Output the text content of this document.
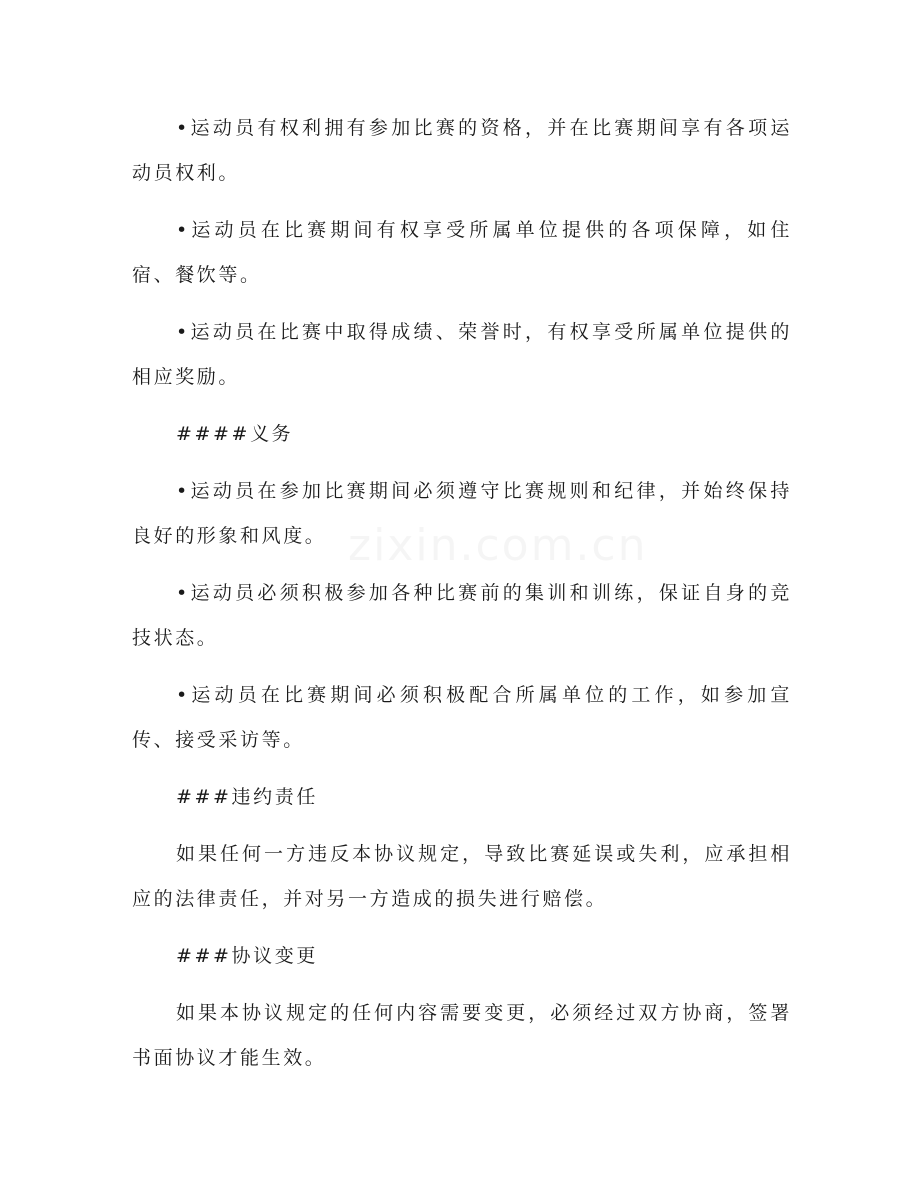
•运动员有权利拥有参加比赛的资格，并在比赛期间享有各项运动员权利。

•运动员在比赛期间有权享受所属单位提供的各项保障，如住宿、餐饮等。

•运动员在比赛中取得成绩、荣誉时，有权享受所属单位提供的相应奖励。

####义务

•运动员在参加比赛期间必须遵守比赛规则和纪律，并始终保持良好的形象和风度。

•运动员必须积极参加各种比赛前的集训和训练，保证自身的竞技状态。

•运动员在比赛期间必须积极配合所属单位的工作，如参加宣传、接受采访等。

###违约责任

如果任何一方违反本协议规定，导致比赛延误或失利，应承担相应的法律责任，并对另一方造成的损失进行赔偿。

###协议变更

如果本协议规定的任何内容需要变更，必须经过双方协商，签署书面协议才能生效。

zixin.com.cn
